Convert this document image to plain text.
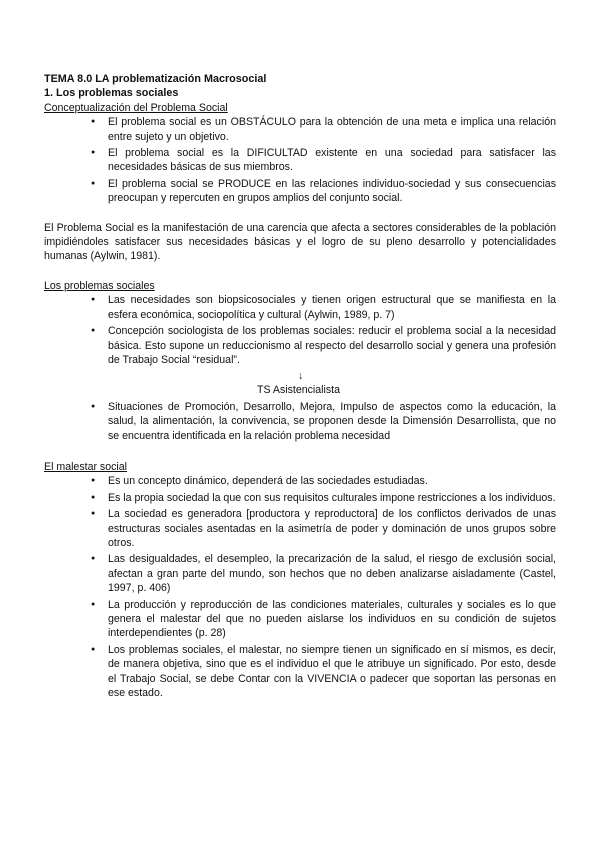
TEMA 8.0 LA problematización Macrosocial

1. Los problemas sociales

Conceptualización del Problema Social

● El problema social es un OBSTÁCULO para la obtención de una meta e implica una relación entre sujeto y un objetivo.
● El problema social es la DIFICULTAD existente en una sociedad para satisfacer las necesidades básicas de sus miembros.
● El problema social se PRODUCE en las relaciones individuo-sociedad y sus consecuencias preocupan y repercuten en grupos amplios del conjunto social.

El Problema Social es la manifestación de una carencia que afecta a sectores considerables de la población impidiéndoles satisfacer sus necesidades básicas y el logro de su pleno desarrollo y potencialidades humanas (Aylwin, 1981).

Los problemas sociales

● Las necesidades son biopsicosociales y tienen origen estructural que se manifiesta en la esfera económica, sociopolítica y cultural (Aylwin, 1989, p. 7)
● Concepción sociologista de los problemas sociales: reducir el problema social a la necesidad básica. Esto supone un reduccionismo al respecto del desarrollo social y genera una profesión de Trabajo Social “residual”.

↓

TS Asistencialista

● Situaciones de Promoción, Desarrollo, Mejora, Impulso de aspectos como la educación, la salud, la alimentación, la convivencia, se proponen desde la Dimensión Desarrollista, que no se encuentra identificada en la relación problema necesidad

El malestar social

● Es un concepto dinámico, dependerá de las sociedades estudiadas.
● Es la propia sociedad la que con sus requisitos culturales impone restricciones a los individuos.
● La sociedad es generadora [productora y reproductora] de los conflictos derivados de unas estructuras sociales asentadas en la asimetría de poder y dominación de unos grupos sobre otros.
● Las desigualdades, el desempleo, la precarización de la salud, el riesgo de exclusión social, afectan a gran parte del mundo, son hechos que no deben analizarse aisladamente (Castel, 1997, p. 406)
● La producción y reproducción de las condiciones materiales, culturales y sociales es lo que genera el malestar del que no pueden aislarse los individuos en su condición de sujetos interdependientes (p. 28)
● Los problemas sociales, el malestar, no siempre tienen un significado en sí mismos, es decir, de manera objetiva, sino que es el individuo el que le atribuye un significado. Por esto, desde el Trabajo Social, se debe Contar con la VIVENCIA o padecer que soportan las personas en ese estado.
